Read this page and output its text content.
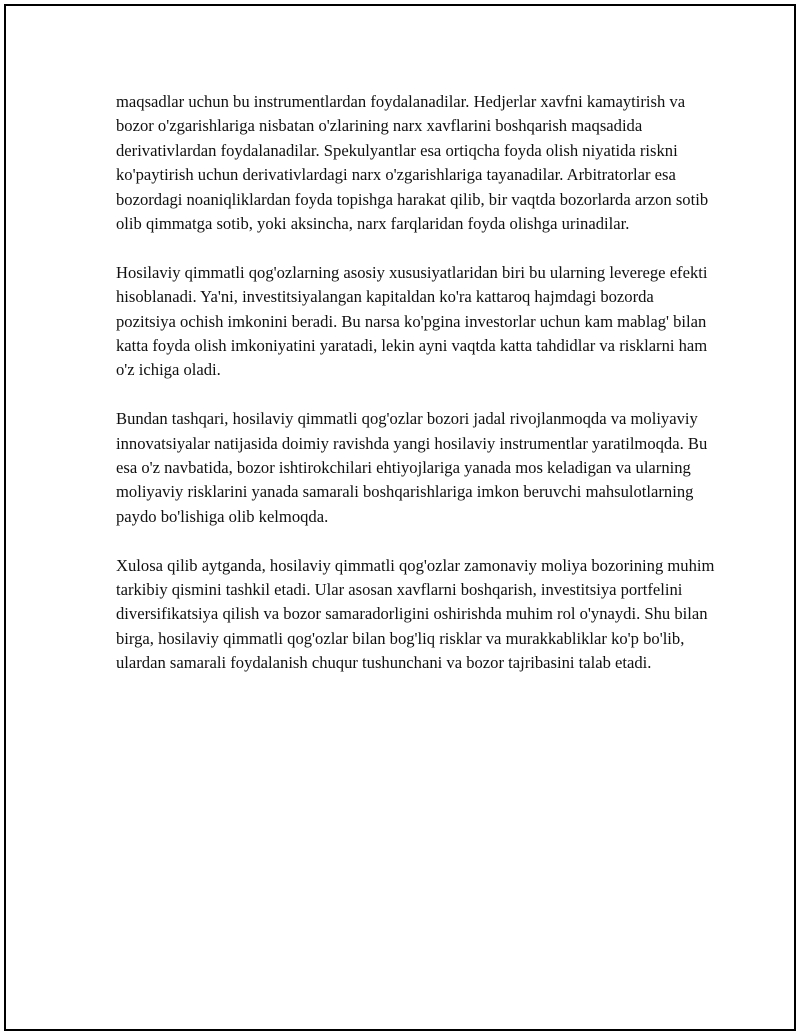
maqsadlar uchun bu instrumentlardan foydalanadilar. Hedjerlar xavfni kamaytirish va bozor o'zgarishlariga nisbatan o'zlarining narx xavflarini boshqarish maqsadida derivativlardan foydalanadilar. Spekulyantlar esa ortiqcha foyda olish niyatida riskni ko'paytirish uchun derivativlardagi narx o'zgarishlariga tayanadilar. Arbitratorlar esa bozordagi noaniqliklardan foyda topishga harakat qilib, bir vaqtda bozorlarda arzon sotib olib qimmatga sotib, yoki aksincha, narx farqlaridan foyda olishga urinadilar.

Hosilaviy qimmatli qog'ozlarning asosiy xususiyatlaridan biri bu ularning leverege efekti hisoblanadi. Ya'ni, investitsiyalangan kapitaldan ko'ra kattaroq hajmdagi bozorda pozitsiya ochish imkonini beradi. Bu narsa ko'pgina investorlar uchun kam mablag' bilan katta foyda olish imkoniyatini yaratadi, lekin ayni vaqtda katta tahdidlar va risklarni ham o'z ichiga oladi.

Bundan tashqari, hosilaviy qimmatli qog'ozlar bozori jadal rivojlanmoqda va moliyaviy innovatsiyalar natijasida doimiy ravishda yangi hosilaviy instrumentlar yaratilmoqda. Bu esa o'z navbatida, bozor ishtirokchilari ehtiyojlariga yanada mos keladigan va ularning moliyaviy risklarini yanada samarali boshqarishlariga imkon beruvchi mahsulotlarning paydo bo'lishiga olib kelmoqda.

Xulosa qilib aytganda, hosilaviy qimmatli qog'ozlar zamonaviy moliya bozorining muhim tarkibiy qismini tashkil etadi. Ular asosan xavflarni boshqarish, investitsiya portfelini diversifikatsiya qilish va bozor samaradorligini oshirishda muhim rol o'ynaydi. Shu bilan birga, hosilaviy qimmatli qog'ozlar bilan bog'liq risklar va murakkabliklar ko'p bo'lib, ulardan samarali foydalanish chuqur tushunchani va bozor tajribasini talab etadi.
